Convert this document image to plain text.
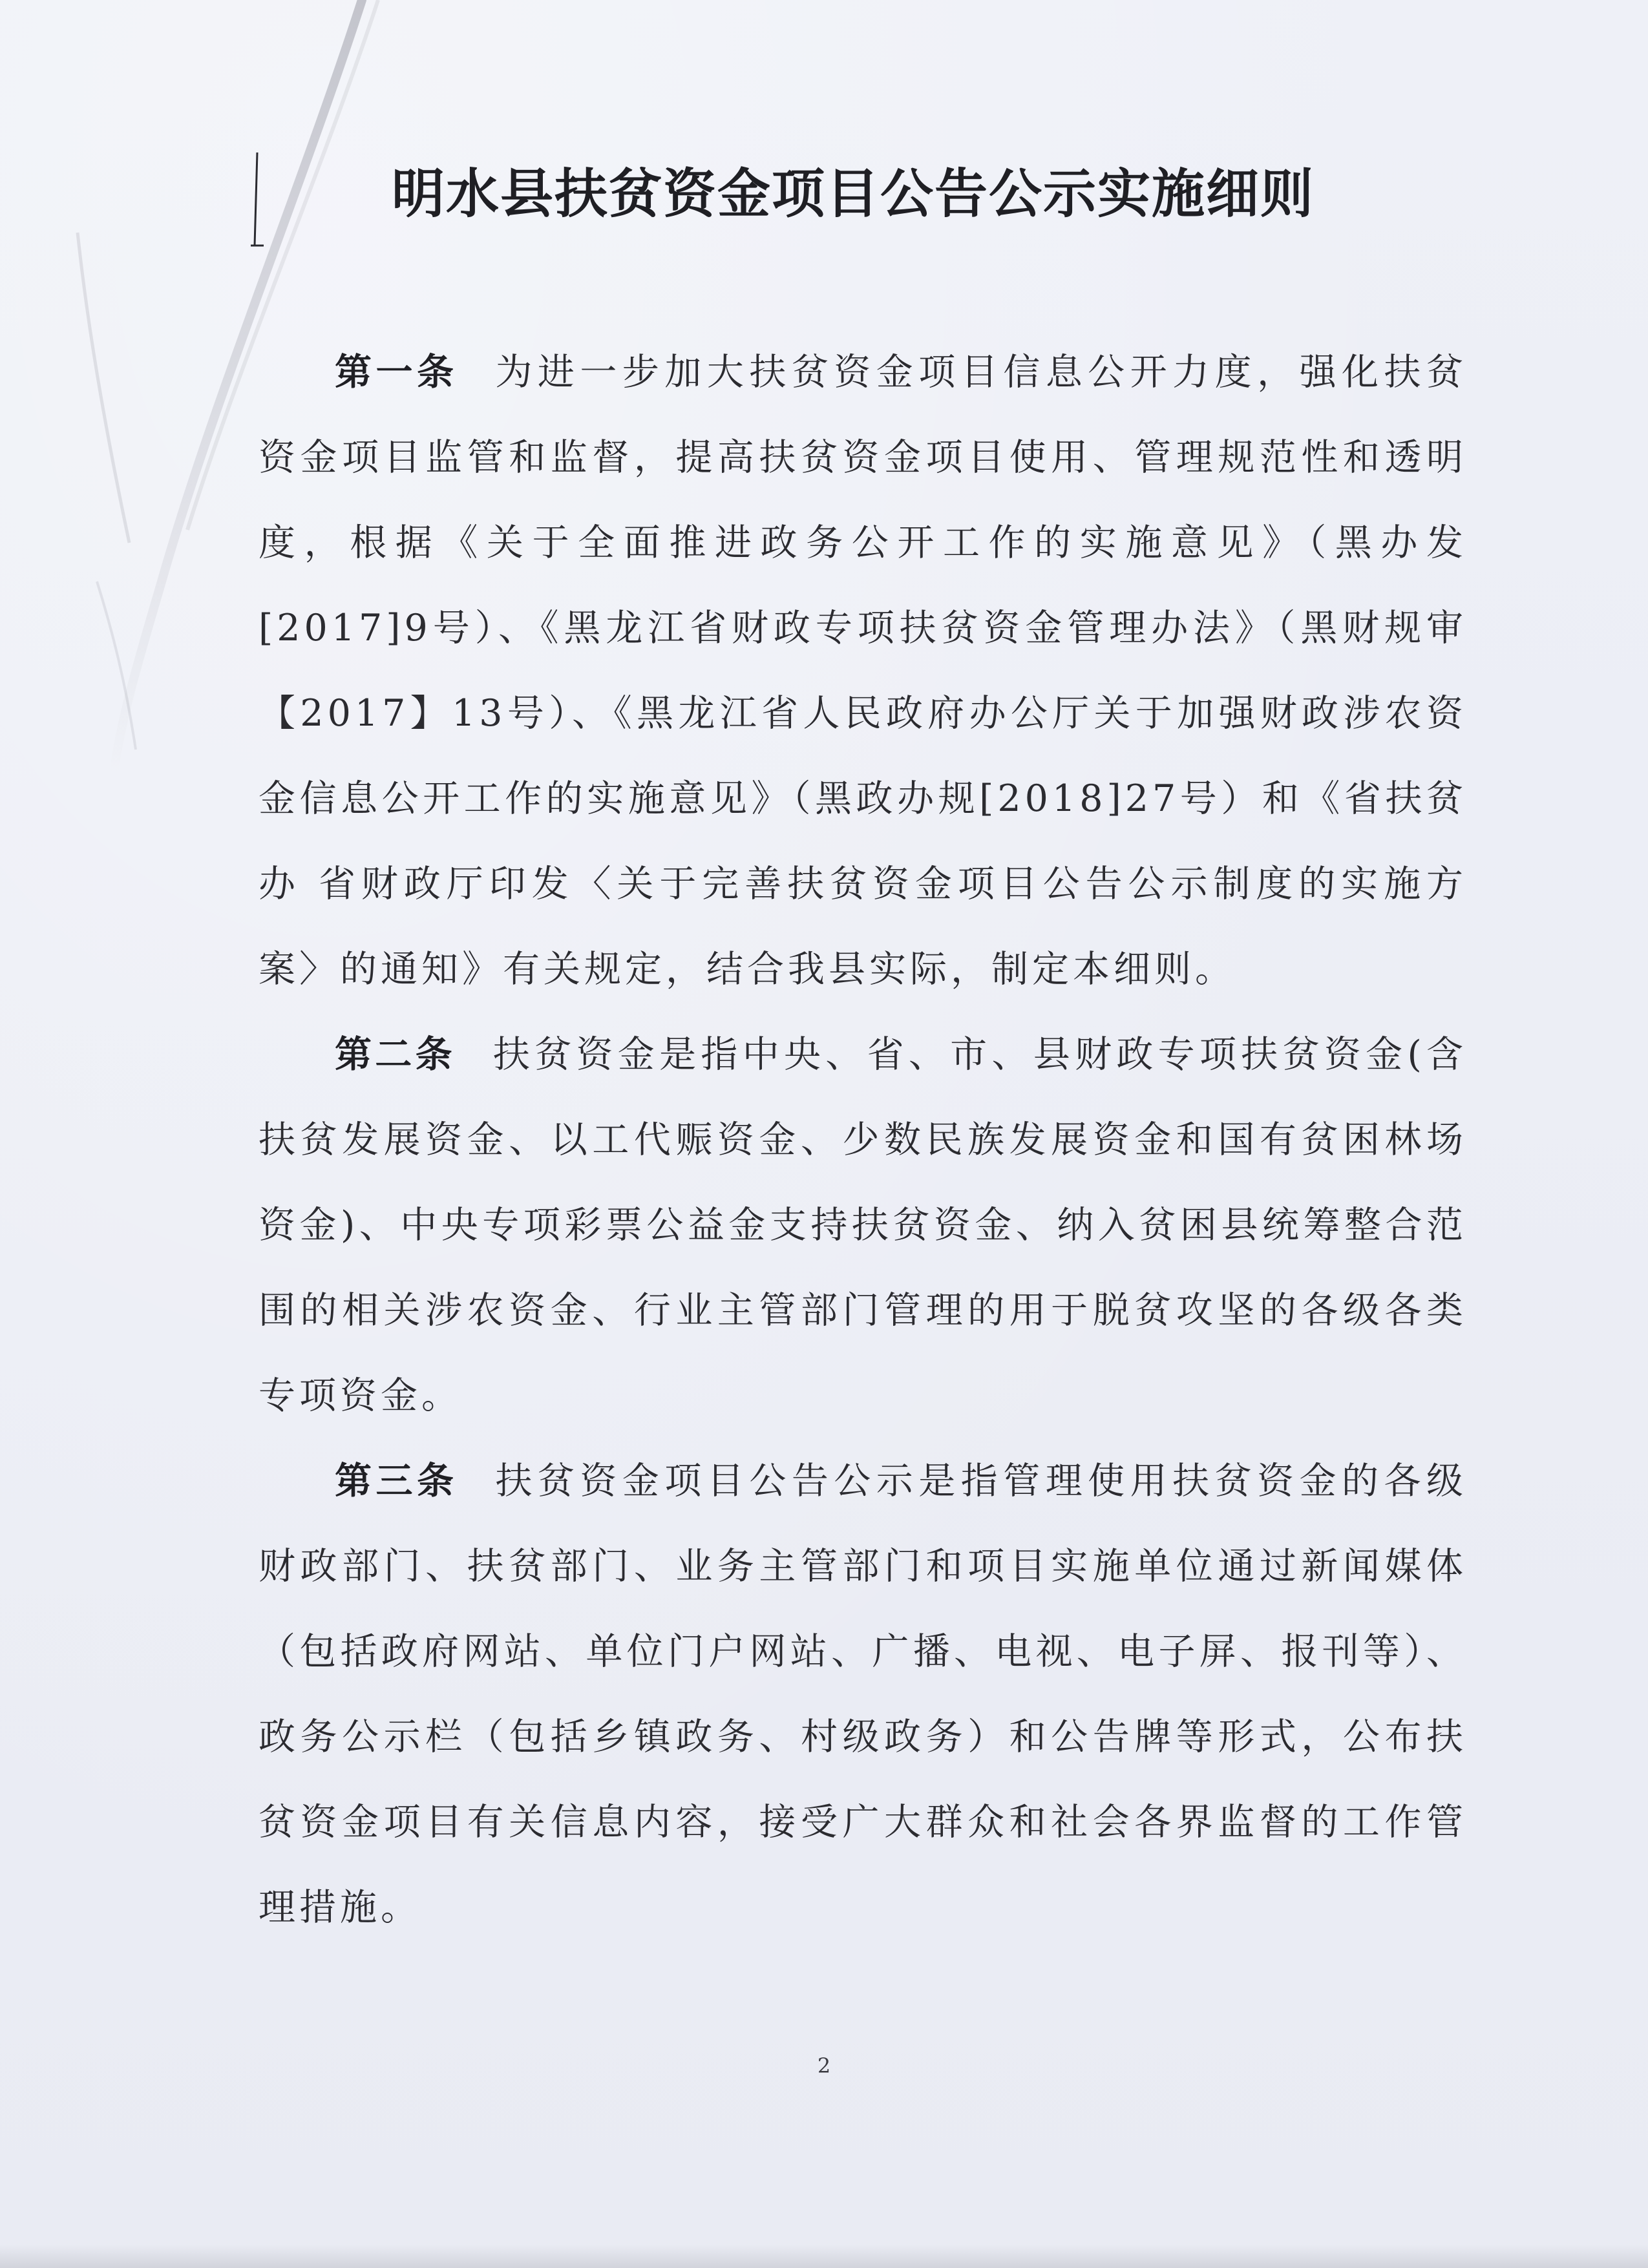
明水县扶贫资金项目公告公示实施细则

第一条 为进一步加大扶贫资金项目信息公开力度，强化扶贫资金项目监管和监督，提高扶贫资金项目使用、管理规范性和透明度，根据《关于全面推进政务公开工作的实施意见》（黑办发[2017]9号）、《黑龙江省财政专项扶贫资金管理办法》（黑财规审【2017】13号）、《黑龙江省人民政府办公厅关于加强财政涉农资金信息公开工作的实施意见》（黑政办规[2018]27号）和《省扶贫办 省财政厅印发〈关于完善扶贫资金项目公告公示制度的实施方案〉的通知》有关规定，结合我县实际，制定本细则。

第二条 扶贫资金是指中央、省、市、县财政专项扶贫资金(含扶贫发展资金、以工代赈资金、少数民族发展资金和国有贫困林场资金)、中央专项彩票公益金支持扶贫资金、纳入贫困县统筹整合范围的相关涉农资金、行业主管部门管理的用于脱贫攻坚的各级各类专项资金。

第三条 扶贫资金项目公告公示是指管理使用扶贫资金的各级财政部门、扶贫部门、业务主管部门和项目实施单位通过新闻媒体（包括政府网站、单位门户网站、广播、电视、电子屏、报刊等）、政务公示栏（包括乡镇政务、村级政务）和公告牌等形式，公布扶贫资金项目有关信息内容，接受广大群众和社会各界监督的工作管理措施。

2
